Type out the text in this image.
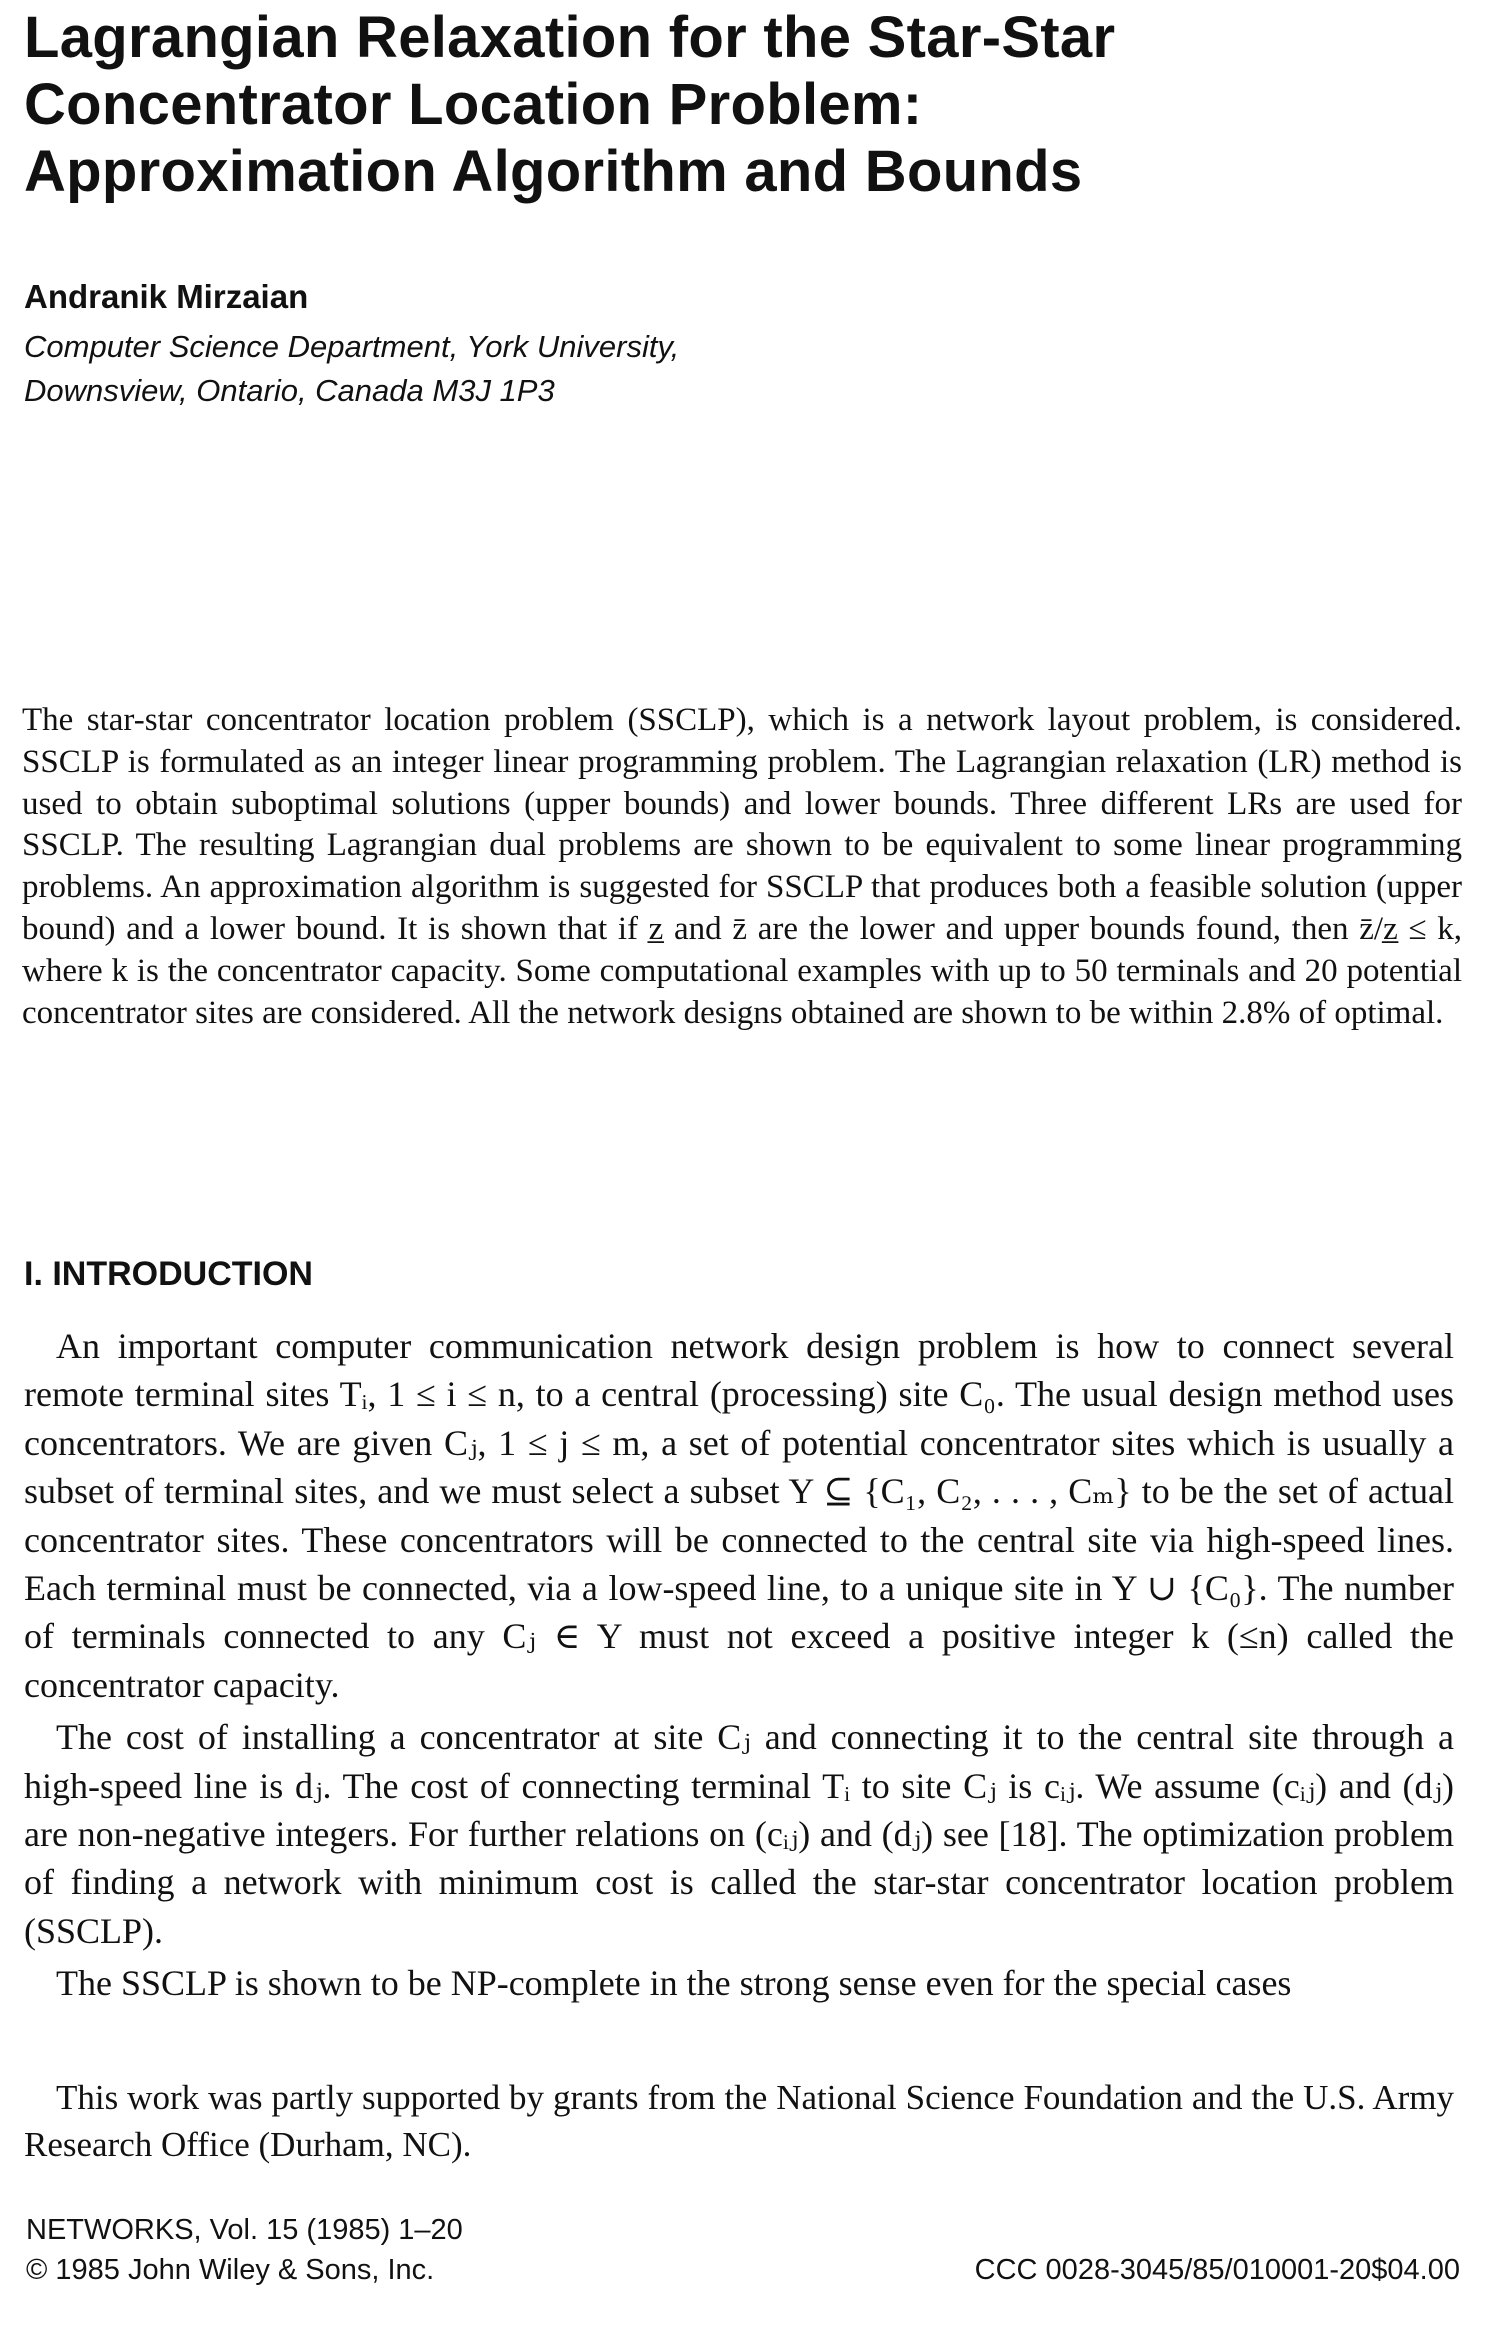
Lagrangian Relaxation for the Star-Star
Concentrator Location Problem:
Approximation Algorithm and Bounds
Andranik Mirzaian
Computer Science Department, York University,
Downsview, Ontario, Canada M3J 1P3

The star-star concentrator location problem (SSCLP), which is a network layout problem, is considered. SSCLP is formulated as an integer linear programming problem. The Lagrangian relaxation (LR) method is used to obtain suboptimal solutions (upper bounds) and lower bounds. Three different LRs are used for SSCLP. The resulting Lagrangian dual problems are shown to be equivalent to some linear programming problems. An approximation algorithm is suggested for SSCLP that produces both a feasible solution (upper bound) and a lower bound. It is shown that if z̲ and z̄ are the lower and upper bounds found, then z̄/z̲ ≤ k, where k is the concentrator capacity. Some computational examples with up to 50 terminals and 20 potential concentrator sites are considered. All the network designs obtained are shown to be within 2.8% of optimal.

I. INTRODUCTION

An important computer communication network design problem is how to connect several remote terminal sites Tᵢ, 1 ≤ i ≤ n, to a central (processing) site C₀. The usual design method uses concentrators. We are given Cⱼ, 1 ≤ j ≤ m, a set of potential concentrator sites which is usually a subset of terminal sites, and we must select a subset Y ⊆ {C₁, C₂, . . . , Cₘ} to be the set of actual concentrator sites. These concentrators will be connected to the central site via high-speed lines. Each terminal must be connected, via a low-speed line, to a unique site in Y ∪ {C₀}. The number of terminals connected to any Cⱼ ∈ Y must not exceed a positive integer k (≤n) called the concentrator capacity.

The cost of installing a concentrator at site Cⱼ and connecting it to the central site through a high-speed line is dⱼ. The cost of connecting terminal Tᵢ to site Cⱼ is cᵢⱼ. We assume (cᵢⱼ) and (dⱼ) are non-negative integers. For further relations on (cᵢⱼ) and (dⱼ) see [18]. The optimization problem of finding a network with minimum cost is called the star-star concentrator location problem (SSCLP).

The SSCLP is shown to be NP-complete in the strong sense even for the special cases

This work was partly supported by grants from the National Science Foundation and the U.S. Army Research Office (Durham, NC).

NETWORKS, Vol. 15 (1985) 1–20
© 1985 John Wiley & Sons, Inc.	CCC 0028-3045/85/010001-20$04.00
